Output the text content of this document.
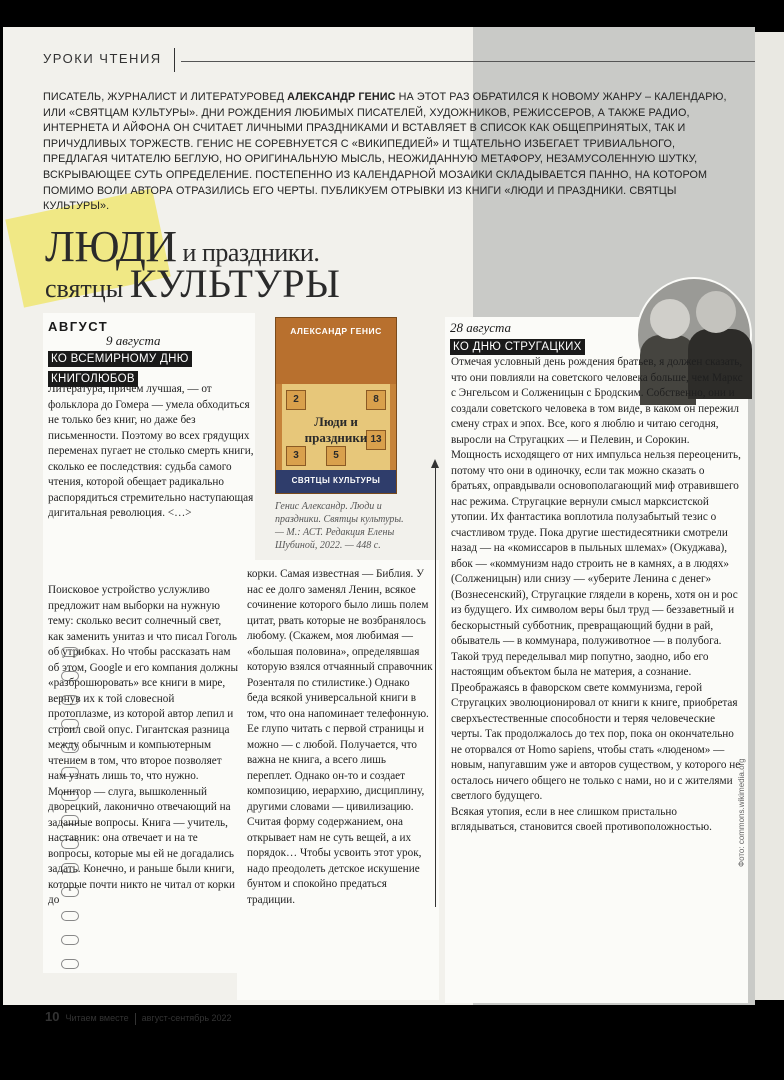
УРОКИ ЧТЕНИЯ
ПИСАТЕЛЬ, ЖУРНАЛИСТ И ЛИТЕРАТУРОВЕД АЛЕКСАНДР ГЕНИС НА ЭТОТ РАЗ ОБРАТИЛСЯ К НОВОМУ ЖАНРУ – КАЛЕНДАРЮ, ИЛИ «СВЯТЦАМ КУЛЬТУРЫ». ДНИ РОЖДЕНИЯ ЛЮБИМЫХ ПИСАТЕЛЕЙ, ХУДОЖНИКОВ, РЕЖИССЕРОВ, А ТАКЖЕ РАДИО, ИНТЕРНЕТА И АЙФОНА ОН СЧИТАЕТ ЛИЧНЫМИ ПРАЗДНИКАМИ И ВСТАВЛЯЕТ В СПИСОК КАК ОБЩЕПРИНЯТЫХ, ТАК И ПРИЧУДЛИВЫХ ТОРЖЕСТВ. ГЕНИС НЕ СОРЕВНУЕТСЯ С «ВИКИПЕДИЕЙ» И ТЩАТЕЛЬНО ИЗБЕГАЕТ ТРИВИАЛЬНОГО, ПРЕДЛАГАЯ ЧИТАТЕЛЮ БЕГЛУЮ, НО ОРИГИНАЛЬНУЮ МЫСЛЬ, НЕОЖИДАННУЮ МЕТАФОРУ, НЕЗАМУСОЛЕННУЮ ШУТКУ, ВСКРЫВАЮЩЕЕ СУТЬ ОПРЕДЕЛЕНИЕ. ПОСТЕПЕННО ИЗ КАЛЕНДАРНОЙ МОЗАИКИ СКЛАДЫВАЕТСЯ ПАННО, НА КОТОРОМ ПОМИМО ВОЛИ АВТОРА ОТРАЗИЛИСЬ ЕГО ЧЕРТЫ. ПУБЛИКУЕМ ОТРЫВКИ ИЗ КНИГИ «ЛЮДИ И ПРАЗДНИКИ. СВЯТЦЫ КУЛЬТУРЫ».
ЛЮДИ и праздники.
святцы КУЛЬТУРЫ
АВГУСТ
9 августа
КО ВСЕМИРНОМУ ДНЮ
КНИГОЛЮБОВ
Литература, причем лучшая, — от фольклора до Гомера — умела обходиться не только без книг, но даже без письменности. Поэтому во всех грядущих переменах пугает не столько смерть книги, сколько ее последствия: судьба самого чтения, которой обещает радикально распорядиться стремительно наступающая дигитальная революция. <…>
Поисковое устройство услужливо предложит нам выборки на нужную тему: сколько весит солнечный свет, как заменить унитаз и что писал Гоголь об утрибках. Но чтобы рассказать нам об этом, Google и его компания должны «разброшюровать» все книги в мире, вернув их к той словесной протоплазме, из которой автор лепил и строил свой опус. Гигантская разница между обычным и компьютерным чтением в том, что второе позволяет нам узнать лишь то, что нужно. Монитор — слуга, вышколенный дворецкий, лаконично отвечающий на заданные вопросы. Книга — учитель, наставник: она отвечает и на те вопросы, которые мы ей не догадались задать. Конечно, и раньше были книги, которые почти никто не читал от корки до
корки. Самая известная — Библия. У нас ее долго заменял Ленин, всякое сочинение которого было лишь полем цитат, рвать которые не возбранялось любому. (Скажем, моя любимая — «большая половина», определявшая которую взялся отчаянный справочник Розенталя по стилистике.) Однако беда всякой универсальной книги в том, что она напоминает телефонную. Ее глупо читать с первой страницы и можно — с любой. Получается, что важна не книга, а всего лишь переплет. Однако он-то и создает композицию, иерархию, дисциплину, другими словами — цивилизацию. Считая форму содержанием, она открывает нам не суть вещей, а их порядок… Чтобы усвоить этот урок, надо преодолеть детское искушение бунтом и спокойно предаться традиции.
АЛЕКСАНДР ГЕНИС
2
13
5
3
8
Люди и праздники
СВЯТЦЫ КУЛЬТУРЫ
Генис Александр. Люди и праздники. Святцы культуры. — М.: АСТ. Редакция Елены Шубиной, 2022. — 448 с.
28 августа
КО ДНЮ СТРУГАЦКИХ
Отмечая условный день рождения братьев, я должен сказать, что они повлияли на советского человека больше, чем Маркс с Энгельсом и Солженицын с Бродским. Собственно, они и создали советского человека в том виде, в каком он пережил смену страх и эпох. Все, кого я люблю и читаю сегодня, выросли на Стругацких — и Пелевин, и Сорокин. Мощность исходящего от них импульса нельзя переоценить, потому что они в одиночку, если так можно сказать о братьях, оправдывали основополагающий миф отравившего нас режима. Стругацкие вернули смысл марксистской утопии. Их фантастика воплотила полузабытый тезис о счастливом труде. Пока другие шестидесятники смотрели назад — на «комиссаров в пыльных шлемах» (Окуджава), вбок — «коммунизм надо строить не в камнях, а в людях» (Солженицын) или снизу — «уберите Ленина с денег» (Вознесенский), Стругацкие глядели в корень, хотя он и рос из будущего. Их символом веры был труд — беззаветный и бескорыстный субботник, превращающий будни в рай, обыватель — в коммунара, полуживотное — в полубога. Такой труд переделывал мир попутно, заодно, ибо его настоящим объектом была не материя, а сознание.
Преображаясь в фаворском свете коммунизма, герой Стругацких эволюционировал от книги к книге, приобретая сверхъестественные способности и теряя человеческие черты. Так продолжалось до тех пор, пока он окончательно не оторвался от Homo sapiens, чтобы стать «люденом» — новым, напугавшим уже и авторов существом, у которого не осталось ничего общего не только с нами, но и с жителями светлого будущего.
Всякая утопия, если в нее слишком пристально вглядываться, становится своей противоположностью.	Фото: commons.wikimedia.org
10 Читаем вместе август-сентябрь 2022
